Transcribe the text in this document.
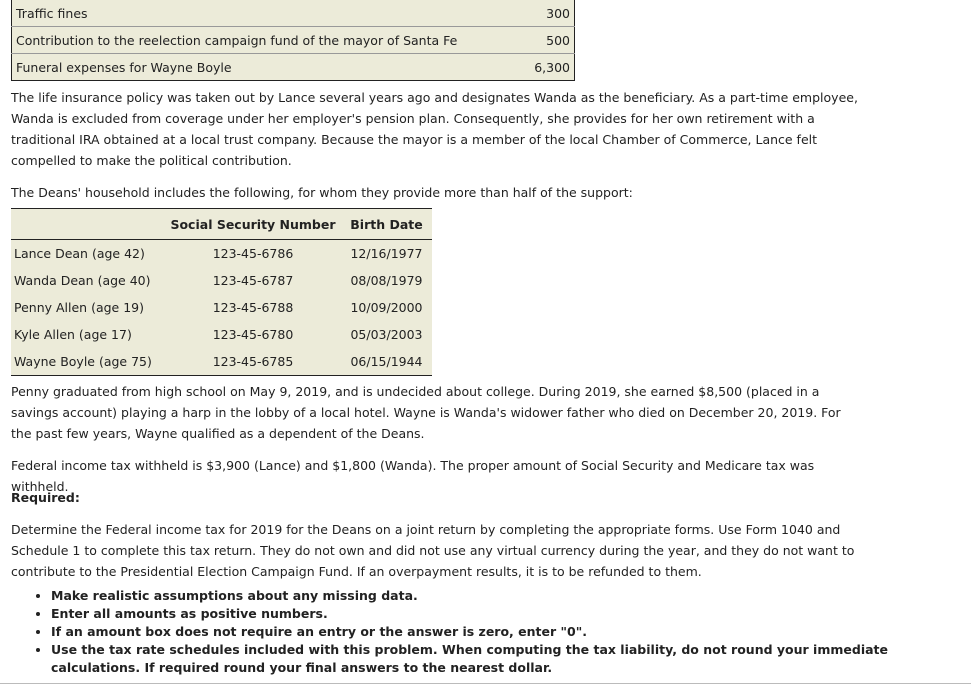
Traffic fines	300
Contribution to the reelection campaign fund of the mayor of Santa Fe	500
Funeral expenses for Wayne Boyle	6,300

The life insurance policy was taken out by Lance several years ago and designates Wanda as the beneficiary. As a part-time employee, Wanda is excluded from coverage under her employer's pension plan. Consequently, she provides for her own retirement with a traditional IRA obtained at a local trust company. Because the mayor is a member of the local Chamber of Commerce, Lance felt compelled to make the political contribution.

The Deans' household includes the following, for whom they provide more than half of the support:

	Social Security Number	Birth Date
Lance Dean (age 42)	123-45-6786	12/16/1977
Wanda Dean (age 40)	123-45-6787	08/08/1979
Penny Allen (age 19)	123-45-6788	10/09/2000
Kyle Allen (age 17)	123-45-6780	05/03/2003
Wayne Boyle (age 75)	123-45-6785	06/15/1944

Penny graduated from high school on May 9, 2019, and is undecided about college. During 2019, she earned $8,500 (placed in a savings account) playing a harp in the lobby of a local hotel. Wayne is Wanda's widower father who died on December 20, 2019. For the past few years, Wayne qualified as a dependent of the Deans.

Federal income tax withheld is $3,900 (Lance) and $1,800 (Wanda). The proper amount of Social Security and Medicare tax was withheld.

Required:

Determine the Federal income tax for 2019 for the Deans on a joint return by completing the appropriate forms. Use Form 1040 and Schedule 1 to complete this tax return. They do not own and did not use any virtual currency during the year, and they do not want to contribute to the Presidential Election Campaign Fund. If an overpayment results, it is to be refunded to them.

• Make realistic assumptions about any missing data.
• Enter all amounts as positive numbers.
• If an amount box does not require an entry or the answer is zero, enter "0".
• Use the tax rate schedules included with this problem. When computing the tax liability, do not round your immediate calculations. If required round your final answers to the nearest dollar.
